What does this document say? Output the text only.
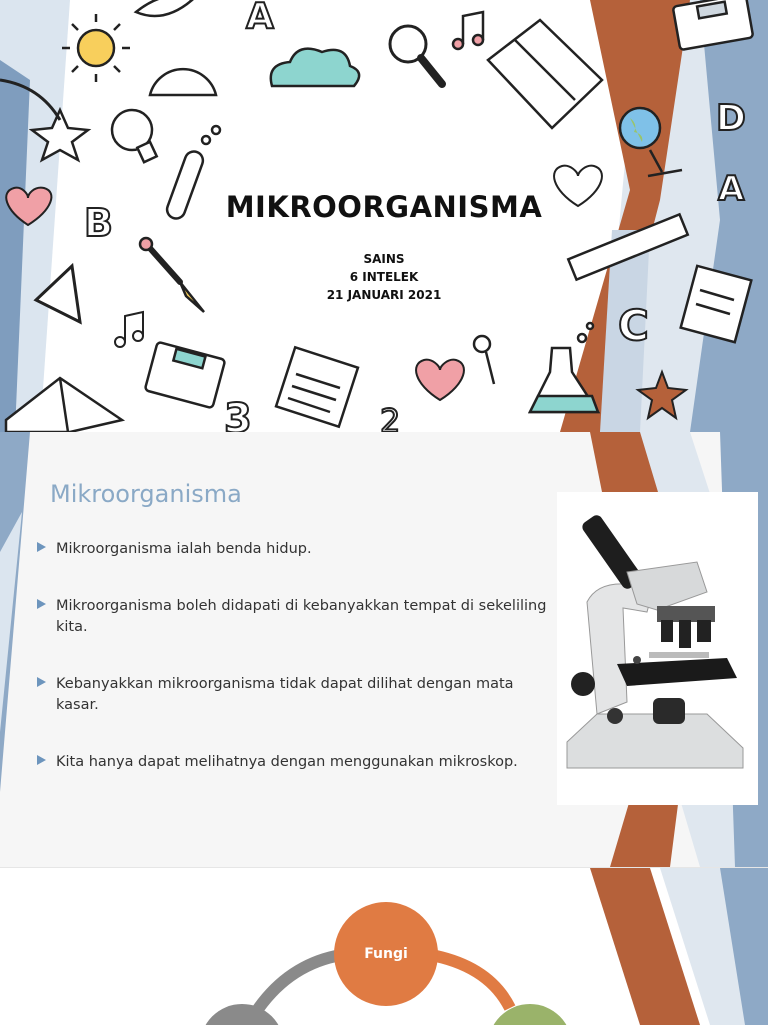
B
3	2
C
A
A
D
MIKROORGANISMA
SAINS
6 INTELEK
21 JANUARI 2021
Mikroorganisma
Mikroorganisma ialah benda hidup.
Mikroorganisma boleh didapati di kebanyakkan tempat di sekeliling kita.
Kebanyakkan mikroorganisma tidak dapat dilihat dengan mata kasar.
Kita hanya dapat melihatnya dengan menggunakan mikroskop.
Fungi
